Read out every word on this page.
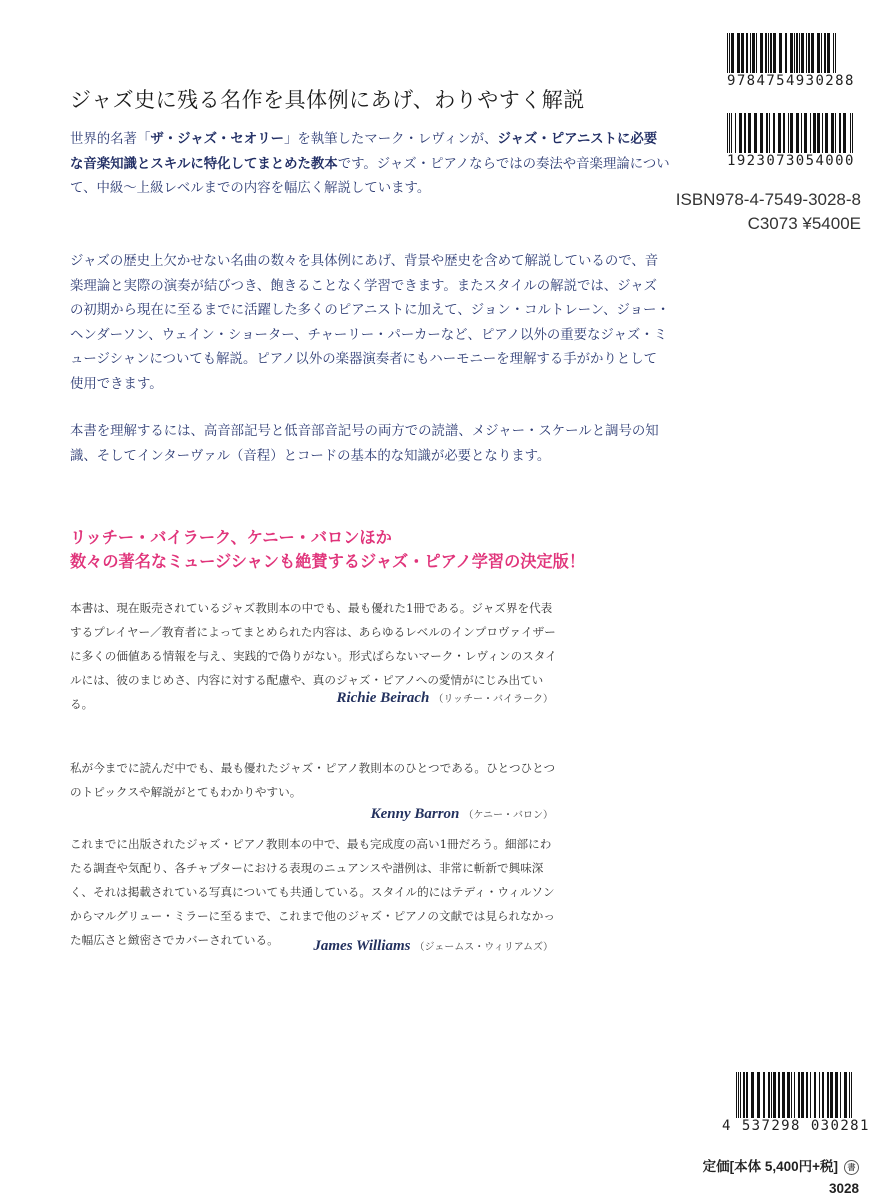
9784754930288
1923073054000
ISBN978-4-7549-3028-8
C3073 ¥5400E
ジャズ史に残る名作を具体例にあげ、わりやすく解説

世界的名著「ザ・ジャズ・セオリー」を執筆したマーク・レヴィンが、ジャズ・ピアニストに必要な音楽知識とスキルに特化してまとめた教本です。ジャズ・ピアノならではの奏法や音楽理論について、中級〜上級レベルまでの内容を幅広く解説しています。

ジャズの歴史上欠かせない名曲の数々を具体例にあげ、背景や歴史を含めて解説しているので、音楽理論と実際の演奏が結びつき、飽きることなく学習できます。またスタイルの解説では、ジャズの初期から現在に至るまでに活躍した多くのピアニストに加えて、ジョン・コルトレーン、ジョー・ヘンダーソン、ウェイン・ショーター、チャーリー・パーカーなど、ピアノ以外の重要なジャズ・ミュージシャンについても解説。ピアノ以外の楽器演奏者にもハーモニーを理解する手がかりとして使用できます。

本書を理解するには、高音部記号と低音部音記号の両方での読譜、メジャー・スケールと調号の知識、そしてインターヴァル（音程）とコードの基本的な知識が必要となります。

リッチー・バイラーク、ケニー・バロンほか
数々の著名なミュージシャンも絶賛するジャズ・ピアノ学習の決定版！

本書は、現在販売されているジャズ教則本の中でも、最も優れた1冊である。ジャズ界を代表するプレイヤー／教育者によってまとめられた内容は、あらゆるレベルのインプロヴァイザーに多くの価値ある情報を与え、実践的で偽りがない。形式ばらないマーク・レヴィンのスタイルには、彼のまじめさ、内容に対する配慮や、真のジャズ・ピアノへの愛情がにじみ出ている。	Richie Beirach （リッチー・バイラーク）

私が今までに読んだ中でも、最も優れたジャズ・ピアノ教則本のひとつである。ひとつひとつのトピックスや解説がとてもわかりやすい。

Kenny Barron （ケニー・バロン）

これまでに出版されたジャズ・ピアノ教則本の中で、最も完成度の高い1冊だろう。細部にわたる調査や気配り、各チャプターにおける表現のニュアンスや譜例は、非常に斬新で興味深く、それは掲載されている写真についても共通している。スタイル的にはテディ・ウィルソンからマルグリュー・ミラーに至るまで、これまで他のジャズ・ピアノの文献では見られなかった幅広さと緻密さでカバーされている。	James Williams （ジェームス・ウィリアムズ）
4 537298 030281
定価[本体 5,400円+税] 書
3028
